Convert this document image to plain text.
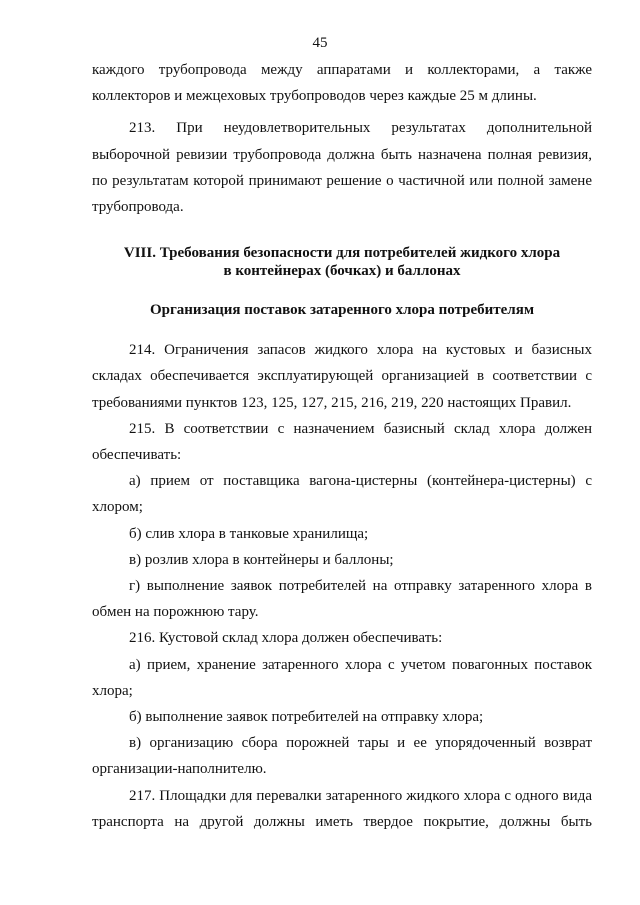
45

каждого трубопровода между аппаратами и коллекторами, а также коллекторов и межцеховых трубопроводов через каждые 25 м длины.

213. При неудовлетворительных результатах дополнительной выборочной ревизии трубопровода должна быть назначена полная ревизия, по результатам которой принимают решение о частичной или полной замене трубопровода.

VIII. Требования безопасности для потребителей жидкого хлора
в контейнерах (бочках) и баллонах
Организация поставок затаренного хлора потребителям

214. Ограничения запасов жидкого хлора на кустовых и базисных складах обеспечивается эксплуатирующей организацией в соответствии с требованиями пунктов 123, 125, 127, 215, 216, 219, 220 настоящих Правил.

215. В соответствии с назначением базисный склад хлора должен обеспечивать:

а) прием от поставщика вагона-цистерны (контейнера-цистерны) с хлором;

б) слив хлора в танковые хранилища;

в) розлив хлора в контейнеры и баллоны;

г) выполнение заявок потребителей на отправку затаренного хлора в обмен на порожнюю тару.

216. Кустовой склад хлора должен обеспечивать:

а) прием, хранение затаренного хлора с учетом повагонных поставок хлора;

б) выполнение заявок потребителей на отправку хлора;

в) организацию сбора порожней тары и ее упорядоченный возврат организации-наполнителю.

217. Площадки для перевалки затаренного жидкого хлора с одного вида транспорта на другой должны иметь твердое покрытие, должны быть
